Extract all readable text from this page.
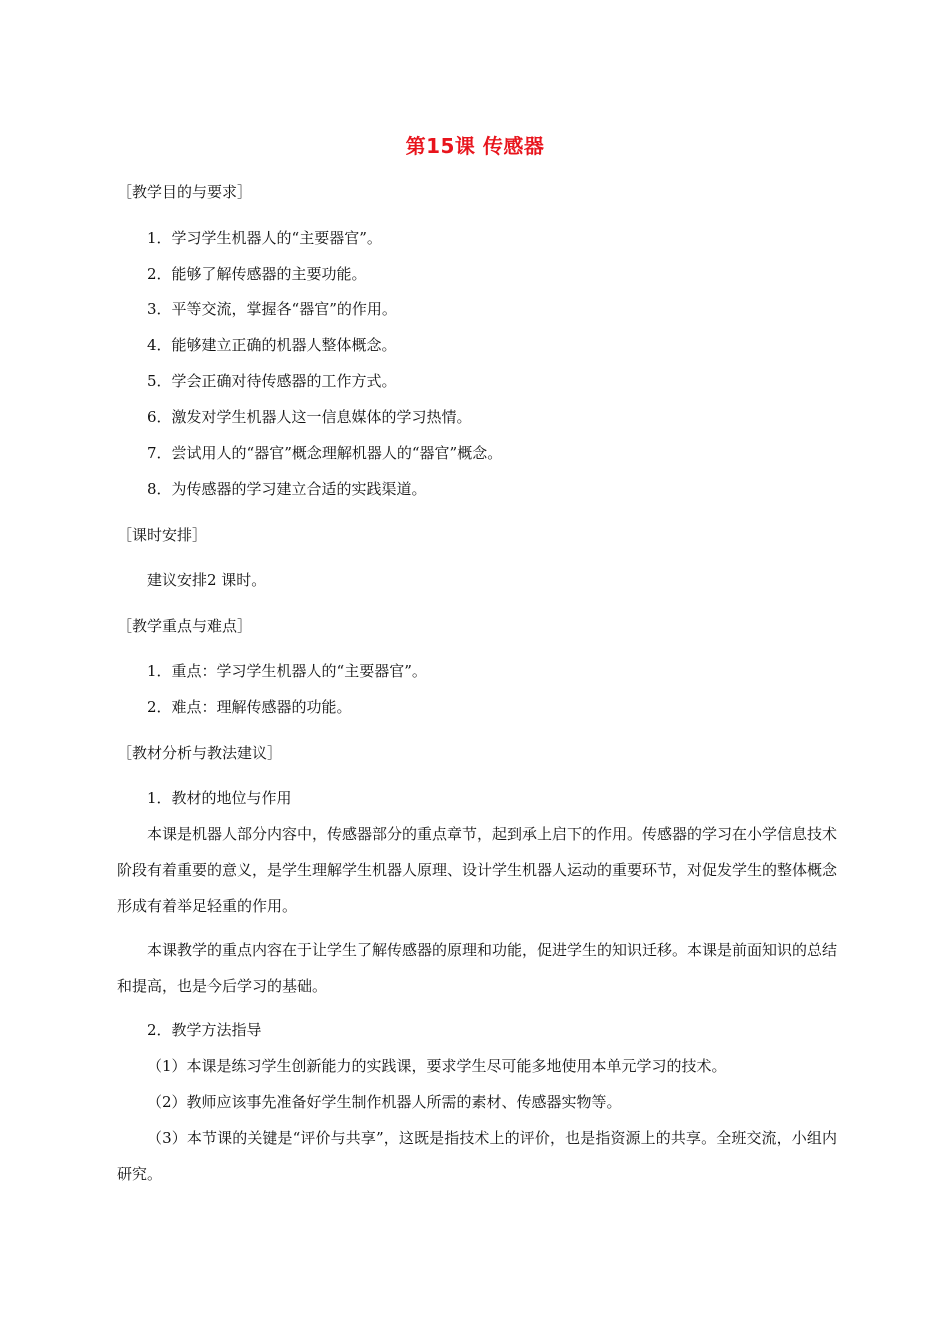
第15课 传感器
［教学目的与要求］
1．学习学生机器人的“主要器官”。
2．能够了解传感器的主要功能。
3．平等交流，掌握各“器官”的作用。
4．能够建立正确的机器人整体概念。
5．学会正确对待传感器的工作方式。
6．激发对学生机器人这一信息媒体的学习热情。
7．尝试用人的“器官”概念理解机器人的“器官”概念。
8．为传感器的学习建立合适的实践渠道。
［课时安排］
建议安排2 课时。
［教学重点与难点］
1．重点：学习学生机器人的“主要器官”。
2．难点：理解传感器的功能。
［教材分析与教法建议］
1．教材的地位与作用
本课是机器人部分内容中，传感器部分的重点章节，起到承上启下的作用。传感器的学习在小学信息技术阶段有着重要的意义，是学生理解学生机器人原理、设计学生机器人运动的重要环节，对促发学生的整体概念形成有着举足轻重的作用。
本课教学的重点内容在于让学生了解传感器的原理和功能，促进学生的知识迁移。本课是前面知识的总结和提高，也是今后学习的基础。
2．教学方法指导
（1）本课是练习学生创新能力的实践课，要求学生尽可能多地使用本单元学习的技术。
（2）教师应该事先准备好学生制作机器人所需的素材、传感器实物等。
（3）本节课的关键是“评价与共享”，这既是指技术上的评价，也是指资源上的共享。全班交流，小组内研究。
